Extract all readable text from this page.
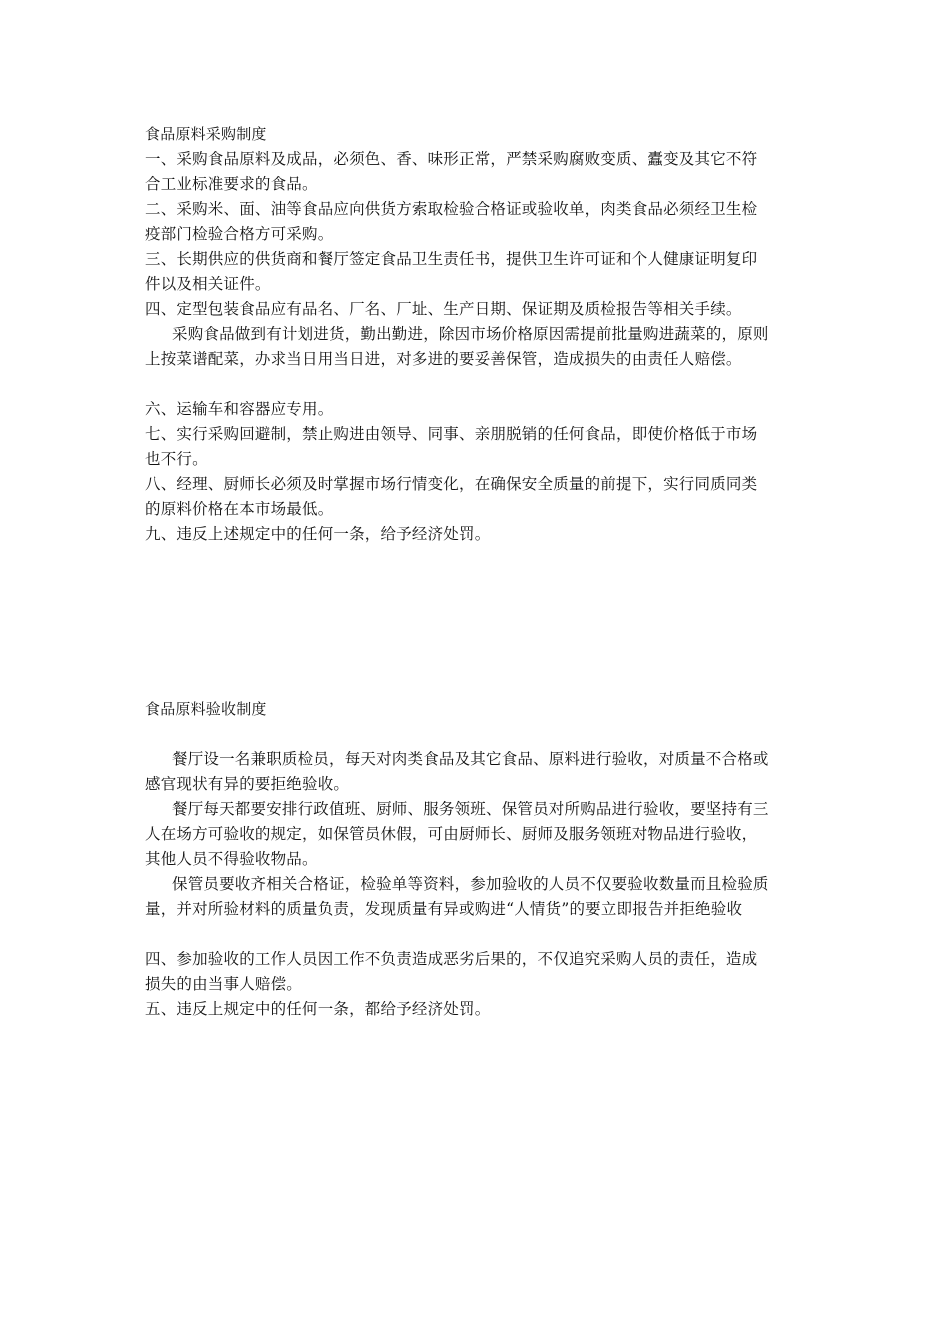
食品原料采购制度
一、采购食品原料及成品，必须色、香、味形正常，严禁采购腐败变质、蠹变及其它不符
合工业标准要求的食品。
二、采购米、面、油等食品应向供货方索取检验合格证或验收单，肉类食品必须经卫生检
疫部门检验合格方可采购。
三、长期供应的供货商和餐厅签定食品卫生责任书，提供卫生许可证和个人健康证明复印
件以及相关证件。
四、定型包装食品应有品名、厂名、厂址、生产日期、保证期及质检报告等相关手续。
采购食品做到有计划进货，勤出勤进，除因市场价格原因需提前批量购进蔬菜的，原则
上按菜谱配菜，办求当日用当日进，对多进的要妥善保管，造成损失的由责任人赔偿。
六、运输车和容器应专用。
七、实行采购回避制，禁止购进由领导、同事、亲朋脱销的任何食品，即使价格低于市场
也不行。
八、经理、厨师长必须及时掌握市场行情变化，在确保安全质量的前提下，实行同质同类
的原料价格在本市场最低。
九、违反上述规定中的任何一条，给予经济处罚。
食品原料验收制度
餐厅设一名兼职质检员，每天对肉类食品及其它食品、原料进行验收，对质量不合格或
感官现状有异的要拒绝验收。
餐厅每天都要安排行政值班、厨师、服务领班、保管员对所购品进行验收，要坚持有三
人在场方可验收的规定，如保管员休假，可由厨师长、厨师及服务领班对物品进行验收，
其他人员不得验收物品。
保管员要收齐相关合格证，检验单等资料，参加验收的人员不仅要验收数量而且检验质
量，并对所验材料的质量负责，发现质量有异或购进“人情货”的要立即报告并拒绝验收
四、参加验收的工作人员因工作不负责造成恶劣后果的，不仅追究采购人员的责任，造成
损失的由当事人赔偿。
五、违反上规定中的任何一条，都给予经济处罚。
